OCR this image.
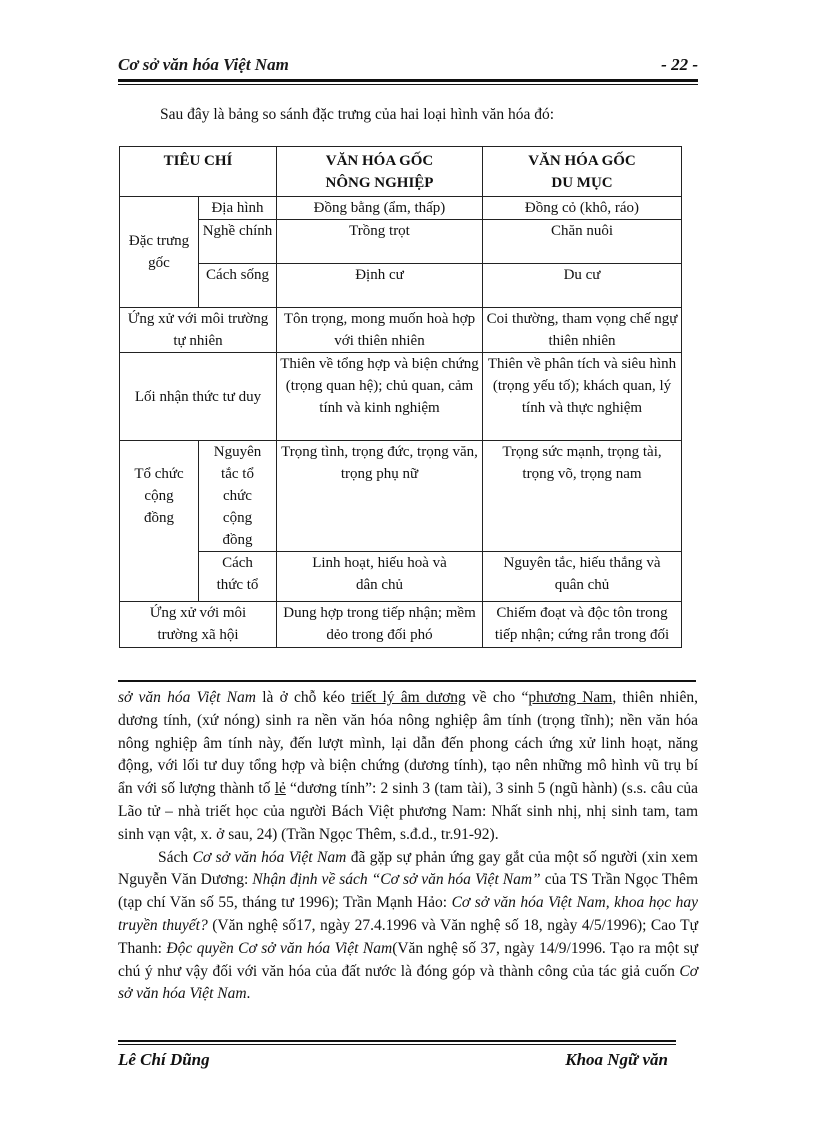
Cơ sở văn hóa Việt Nam	- 22 -
Sau đây là bảng so sánh đặc trưng của hai loại hình văn hóa đó:
TIÊU CHÍ		VĂN HÓA GỐC NÔNG NGHIỆP	VĂN HÓA GỐC DU MỤC

Đặc trưng gốc	Địa hình	Đồng bằng (ẩm, thấp)	Đồng cỏ (khô, ráo)
	Nghề chính	Trồng trọt	Chăn nuôi
	Cách sống	Định cư	Du cư
Ứng xử với môi trường tự nhiên		Tôn trọng, mong muốn hoà hợp với thiên nhiên	Coi thường, tham vọng chế ngự thiên nhiên
Lối nhận thức tư duy		Thiên về tổng hợp và biện chứng (trọng quan hệ); chủ quan, cảm tính và kinh nghiệm	Thiên về phân tích và siêu hình (trọng yếu tố); khách quan, lý tính và thực nghiệm

Tổ chức cộng đồng	Nguyên tắc tổ chức cộng đồng	Trọng tình, trọng đức, trọng văn, trọng phụ nữ	Trọng sức mạnh, trọng tài, trọng võ, trọng nam

	Cách thức tổ	Linh hoạt, hiếu hoà và dân chủ	Nguyên tắc, hiếu thắng và quân chủ

Ứng xử với môi trường xã hội		Dung hợp trong tiếp nhận; mềm dẻo trong đối phó	Chiếm đoạt và độc tôn trong tiếp nhận; cứng rắn trong đối

sở văn hóa Việt Nam là ở chỗ kéo triết lý âm dương về cho “phương Nam, thiên nhiên, dương tính, (xứ nóng) sinh ra nền văn hóa nông nghiệp âm tính (trọng tĩnh); nền văn hóa nông nghiệp âm tính này, đến lượt mình, lại dẫn đến phong cách ứng xử linh hoạt, năng động, với lối tư duy tổng hợp và biện chứng (dương tính), tạo nên những mô hình vũ trụ bí ẩn với số lượng thành tố lẻ “dương tính”: 2 sinh 3 (tam tài), 3 sinh 5 (ngũ hành) (s.s. câu của Lão tử – nhà triết học của người Bách Việt phương Nam: Nhất sinh nhị, nhị sinh tam, tam sinh vạn vật, x. ở sau, 24) (Trần Ngọc Thêm, s.đ.d., tr.91-92).

Sách Cơ sở văn hóa Việt Nam đã gặp sự phản ứng gay gắt của một số người (xin xem Nguyễn Văn Dương: Nhận định về sách “Cơ sở văn hóa Việt Nam” của TS Trần Ngọc Thêm (tạp chí Văn số 55, tháng tư 1996); Trần Mạnh Hảo: Cơ sở văn hóa Việt Nam, khoa học hay truyền thuyết? (Văn nghệ số17, ngày 27.4.1996 và Văn nghệ số 18, ngày 4/5/1996); Cao Tự Thanh: Độc quyền Cơ sở văn hóa Việt Nam(Văn nghệ số 37, ngày 14/9/1996. Tạo ra một sự chú ý như vậy đối với văn hóa của đất nước là đóng góp và thành công của tác giả cuốn Cơ sở văn hóa Việt Nam.

Lê Chí Dũng	Khoa Ngữ văn
